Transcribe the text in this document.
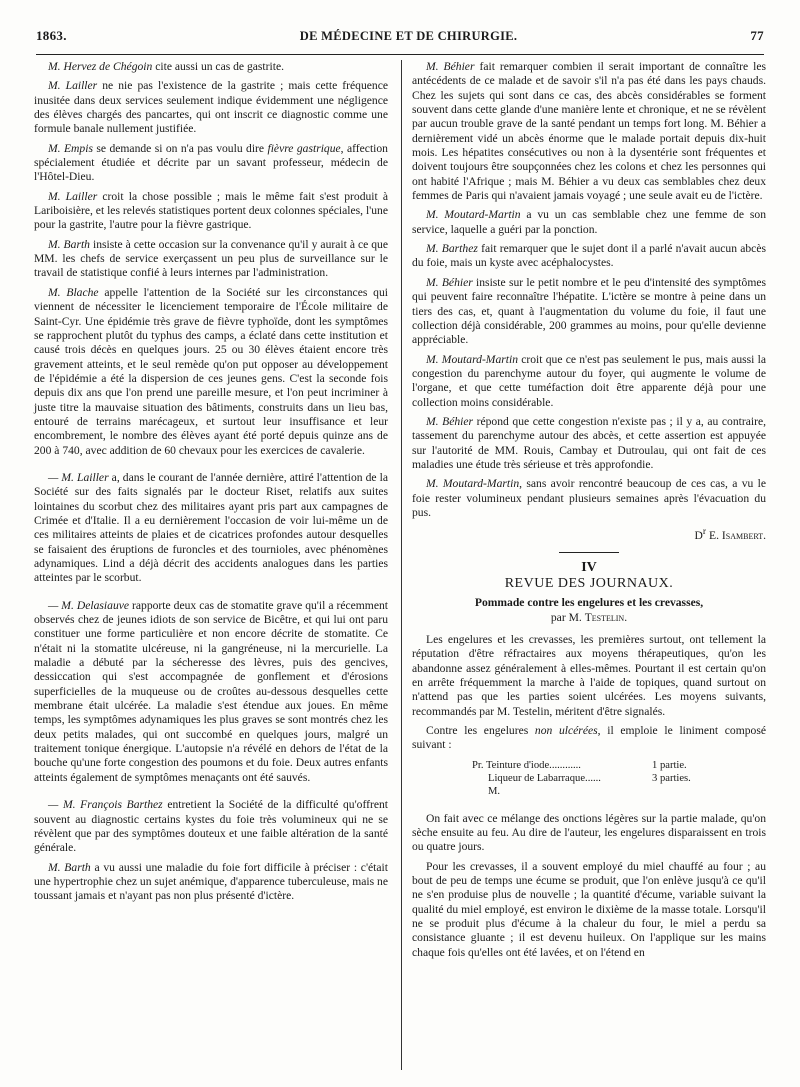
1863.	DE MÉDECINE ET DE CHIRURGIE.	77

M. Hervez de Chégoin cite aussi un cas de gastrite.

M. Lailler ne nie pas l'existence de la gastrite ; mais cette fréquence inusitée dans deux services seulement indique évidemment une négligence des élèves chargés des pancartes, qui ont inscrit ce diagnostic comme une formule banale nullement justifiée.

M. Empis se demande si on n'a pas voulu dire fièvre gastrique, affection spécialement étudiée et décrite par un savant professeur, médecin de l'Hôtel-Dieu.

M. Lailler croit la chose possible ; mais le même fait s'est produit à Lariboisière, et les relevés statistiques portent deux colonnes spéciales, l'une pour la gastrite, l'autre pour la fièvre gastrique.

M. Barth insiste à cette occasion sur la convenance qu'il y aurait à ce que MM. les chefs de service exerçassent un peu plus de surveillance sur le travail de statistique confié à leurs internes par l'administration.

M. Blache appelle l'attention de la Société sur les circonstances qui viennent de nécessiter le licenciement temporaire de l'École militaire de Saint-Cyr. Une épidémie très grave de fièvre typhoïde, dont les symptômes se rapprochent plutôt du typhus des camps, a éclaté dans cette institution et causé trois décès en quelques jours. 25 ou 30 élèves étaient encore très gravement atteints, et le seul remède qu'on put opposer au développement de l'épidémie a été la dispersion de ces jeunes gens. C'est la seconde fois depuis dix ans que l'on prend une pareille mesure, et l'on peut incriminer à juste titre la mauvaise situation des bâtiments, construits dans un lieu bas, entouré de terrains marécageux, et surtout leur insuffisance et leur encombrement, le nombre des élèves ayant été porté depuis quinze ans de 200 à 740, avec addition de 60 chevaux pour les exercices de cavalerie.

— M. Lailler a, dans le courant de l'année dernière, attiré l'attention de la Société sur des faits signalés par le docteur Riset, relatifs aux suites lointaines du scorbut chez des militaires ayant pris part aux campagnes de Crimée et d'Italie. Il a eu dernièrement l'occasion de voir lui-même un de ces militaires atteints de plaies et de cicatrices profondes autour desquelles se faisaient des éruptions de furoncles et des tournioles, avec phénomènes adynamiques. Lind a déjà décrit des accidents analogues dans les parties atteintes par le scorbut.

— M. Delasiauve rapporte deux cas de stomatite grave qu'il a récemment observés chez de jeunes idiots de son service de Bicêtre, et qui lui ont paru constituer une forme particulière et non encore décrite de stomatite. Ce n'était ni la stomatite ulcéreuse, ni la gangréneuse, ni la mercurielle. La maladie a débuté par la sécheresse des lèvres, puis des gencives, dessiccation qui s'est accompagnée de gonflement et d'érosions superficielles de la muqueuse ou de croûtes au-dessous desquelles cette membrane était ulcérée. La maladie s'est étendue aux joues. En même temps, les symptômes adynamiques les plus graves se sont montrés chez les deux petits malades, qui ont succombé en quelques jours, malgré un traitement tonique énergique. L'autopsie n'a révélé en dehors de l'état de la bouche qu'une forte congestion des poumons et du foie. Deux autres enfants atteints également de symptômes menaçants ont été sauvés.

— M. François Barthez entretient la Société de la difficulté qu'offrent souvent au diagnostic certains kystes du foie très volumineux qui ne se révèlent que par des symptômes douteux et une faible altération de la santé générale.

M. Barth a vu aussi une maladie du foie fort difficile à préciser : c'était une hypertrophie chez un sujet anémique, d'apparence tuberculeuse, mais ne toussant jamais et n'ayant pas non plus présenté d'ictère.

M. Béhier fait remarquer combien il serait important de connaître les antécédents de ce malade et de savoir s'il n'a pas été dans les pays chauds. Chez les sujets qui sont dans ce cas, des abcès considérables se forment souvent dans cette glande d'une manière lente et chronique, et ne se révèlent par aucun trouble grave de la santé pendant un temps fort long. M. Béhier a dernièrement vidé un abcès énorme que le malade portait depuis dix-huit mois. Les hépatites consécutives ou non à la dysentérie sont fréquentes et doivent toujours être soupçonnées chez les colons et chez les personnes qui ont habité l'Afrique ; mais M. Béhier a vu deux cas semblables chez deux femmes de Paris qui n'avaient jamais voyagé ; une seule avait eu de l'ictère.

M. Moutard-Martin a vu un cas semblable chez une femme de son service, laquelle a guéri par la ponction.

M. Barthez fait remarquer que le sujet dont il a parlé n'avait aucun abcès du foie, mais un kyste avec acéphalocystes.

M. Béhier insiste sur le petit nombre et le peu d'intensité des symptômes qui peuvent faire reconnaître l'hépatite. L'ictère se montre à peine dans un tiers des cas, et, quant à l'augmentation du volume du foie, il faut une collection déjà considérable, 200 grammes au moins, pour qu'elle devienne appréciable.

M. Moutard-Martin croit que ce n'est pas seulement le pus, mais aussi la congestion du parenchyme autour du foyer, qui augmente le volume de l'organe, et que cette tuméfaction doit être apparente déjà pour une collection moins considérable.

M. Béhier répond que cette congestion n'existe pas ; il y a, au contraire, tassement du parenchyme autour des abcès, et cette assertion est appuyée sur l'autorité de MM. Rouis, Cambay et Dutroulau, qui ont fait de ces maladies une étude très sérieuse et très approfondie.

M. Moutard-Martin, sans avoir rencontré beaucoup de ces cas, a vu le foie rester volumineux pendant plusieurs semaines après l'évacuation du pus.

$D^r$ E. Isambert.
IV
REVUE DES JOURNAUX.
Pommade contre les engelures et les crevasses,
par M. Testelin.

Les engelures et les crevasses, les premières surtout, ont tellement la réputation d'être réfractaires aux moyens thérapeutiques, qu'on les abandonne assez généralement à elles-mêmes. Pourtant il est certain qu'on en arrête fréquemment la marche à l'aide de topiques, quand surtout on n'attend pas que les parties soient ulcérées. Les moyens suivants, recommandés par M. Testelin, méritent d'être signalés.

Contre les engelures non ulcérées, il emploie le liniment composé suivant :

Pr. Teinture d'iode............	1 partie.
Liqueur de Labarraque......	3 parties.
M.

On fait avec ce mélange des onctions légères sur la partie malade, qu'on sèche ensuite au feu. Au dire de l'auteur, les engelures disparaissent en trois ou quatre jours.

Pour les crevasses, il a souvent employé du miel chauffé au four ; au bout de peu de temps une écume se produit, que l'on enlève jusqu'à ce qu'il ne s'en produise plus de nouvelle ; la quantité d'écume, variable suivant la qualité du miel employé, est environ le dixième de la masse totale. Lorsqu'il ne se produit plus d'écume à la chaleur du four, le miel a perdu sa consistance gluante ; il est devenu huileux. On l'applique sur les mains chaque fois qu'elles ont été lavées, et on l'étend en
